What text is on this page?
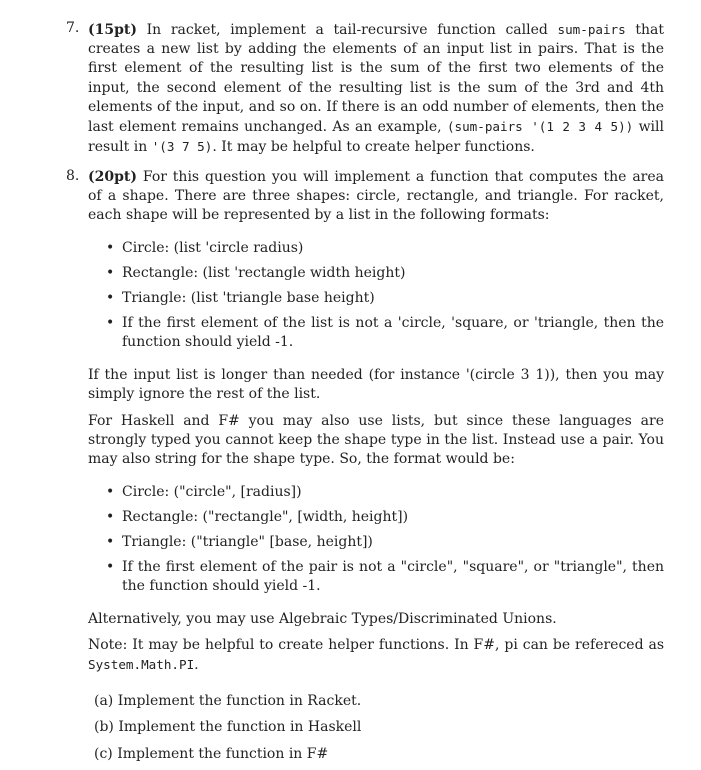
7. (15pt) In racket, implement a tail-recursive function called sum-pairs that creates a new list by adding the elements of an input list in pairs. That is the first element of the resulting list is the sum of the first two elements of the input, the second element of the resulting list is the sum of the 3rd and 4th elements of the input, and so on. If there is an odd number of elements, then the last element remains unchanged. As an example, (sum-pairs '(1 2 3 4 5)) will result in '(3 7 5). It may be helpful to create helper functions.

8. (20pt) For this question you will implement a function that computes the area of a shape. There are three shapes: circle, rectangle, and triangle. For racket, each shape will be represented by a list in the following formats:

• Circle: (list 'circle radius)
• Rectangle: (list 'rectangle width height)
• Triangle: (list 'triangle base height)
• If the first element of the list is not a 'circle, 'square, or 'triangle, then the function should yield -1.

If the input list is longer than needed (for instance '(circle 3 1)), then you may simply ignore the rest of the list.

For Haskell and F# you may also use lists, but since these languages are strongly typed you cannot keep the shape type in the list. Instead use a pair. You may also string for the shape type. So, the format would be:

• Circle: ("circle", [radius])
• Rectangle: ("rectangle", [width, height])
• Triangle: ("triangle" [base, height])
• If the first element of the pair is not a "circle", "square", or "triangle", then the function should yield -1.

Alternatively, you may use Algebraic Types/Discriminated Unions.

Note: It may be helpful to create helper functions. In F#, pi can be refereced as System.Math.PI.

(a) Implement the function in Racket.
(b) Implement the function in Haskell
(c) Implement the function in F#
